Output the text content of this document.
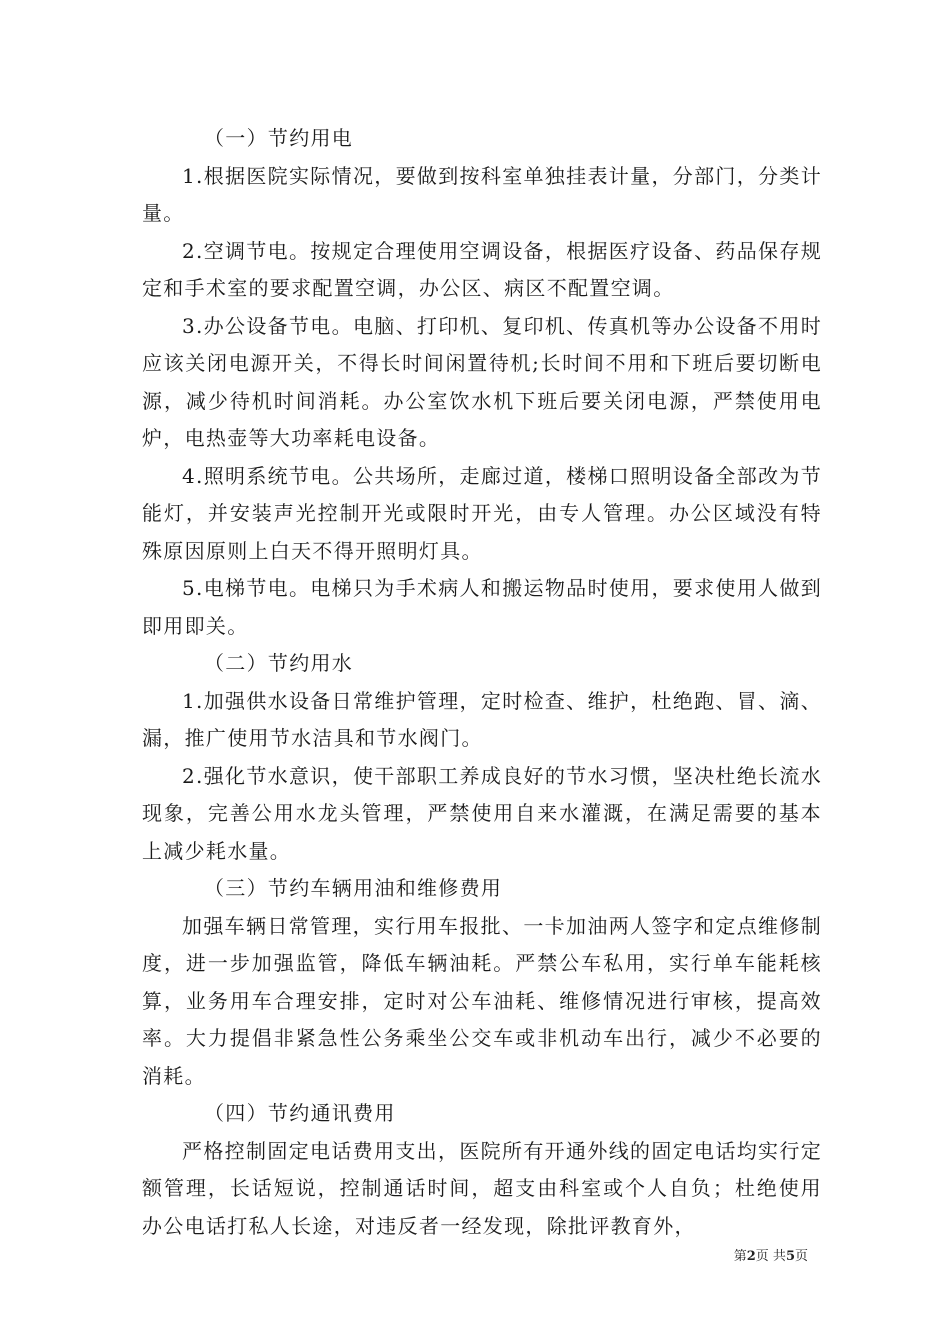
（一）节约用电

1.根据医院实际情况，要做到按科室单独挂表计量，分部门，分类计量。

2.空调节电。按规定合理使用空调设备，根据医疗设备、药品保存规定和手术室的要求配置空调，办公区、病区不配置空调。

3.办公设备节电。电脑、打印机、复印机、传真机等办公设备不用时应该关闭电源开关，不得长时间闲置待机;长时间不用和下班后要切断电源，减少待机时间消耗。办公室饮水机下班后要关闭电源，严禁使用电炉，电热壶等大功率耗电设备。

4.照明系统节电。公共场所，走廊过道，楼梯口照明设备全部改为节能灯，并安装声光控制开光或限时开光，由专人管理。办公区域没有特殊原因原则上白天不得开照明灯具。

5.电梯节电。电梯只为手术病人和搬运物品时使用，要求使用人做到即用即关。

（二）节约用水

1.加强供水设备日常维护管理，定时检查、维护，杜绝跑、冒、滴、漏，推广使用节水洁具和节水阀门。

2.强化节水意识，使干部职工养成良好的节水习惯，坚决杜绝长流水现象，完善公用水龙头管理，严禁使用自来水灌溉，在满足需要的基本上减少耗水量。

（三）节约车辆用油和维修费用

加强车辆日常管理，实行用车报批、一卡加油两人签字和定点维修制度，进一步加强监管，降低车辆油耗。严禁公车私用，实行单车能耗核算，业务用车合理安排，定时对公车油耗、维修情况进行审核，提高效率。大力提倡非紧急性公务乘坐公交车或非机动车出行，减少不必要的消耗。

（四）节约通讯费用

严格控制固定电话费用支出，医院所有开通外线的固定电话均实行定额管理，长话短说，控制通话时间，超支由科室或个人自负；杜绝使用办公电话打私人长途，对违反者一经发现，除批评教育外，

第2页 共5页
